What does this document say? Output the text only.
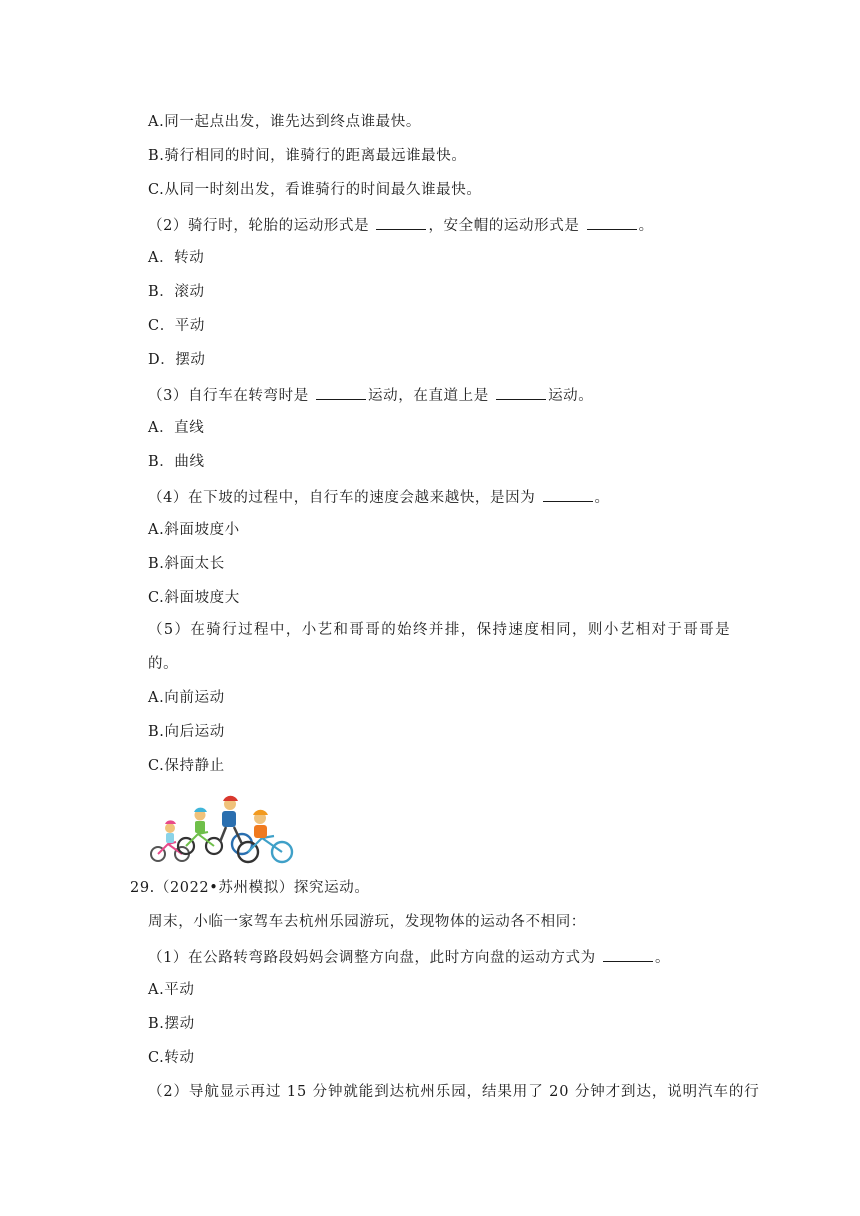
A.同一起点出发，谁先达到终点谁最快。
B.骑行相同的时间，谁骑行的距离最远谁最快。
C.从同一时刻出发，看谁骑行的时间最久谁最快。
（2）骑行时，轮胎的运动形式是	，安全帽的运动形式是	。
A．转动
B．滚动
C．平动
D．摆动
（3）自行车在转弯时是	运动，在直道上是	运动。
A．直线
B．曲线
（4）在下坡的过程中，自行车的速度会越来越快，是因为	。
A.斜面坡度小
B.斜面太长
C.斜面坡度大
（5）在骑行过程中，小艺和哥哥的始终并排，保持速度相同，则小艺相对于哥哥是
的。
A.向前运动
B.向后运动
C.保持静止
29.（2022•苏州模拟）探究运动。
周末，小临一家驾车去杭州乐园游玩，发现物体的运动各不相同：
（1）在公路转弯路段妈妈会调整方向盘，此时方向盘的运动方式为	。
A.平动
B.摆动
C.转动
（2）导航显示再过 15 分钟就能到达杭州乐园，结果用了 20 分钟才到达，说明汽车的行
